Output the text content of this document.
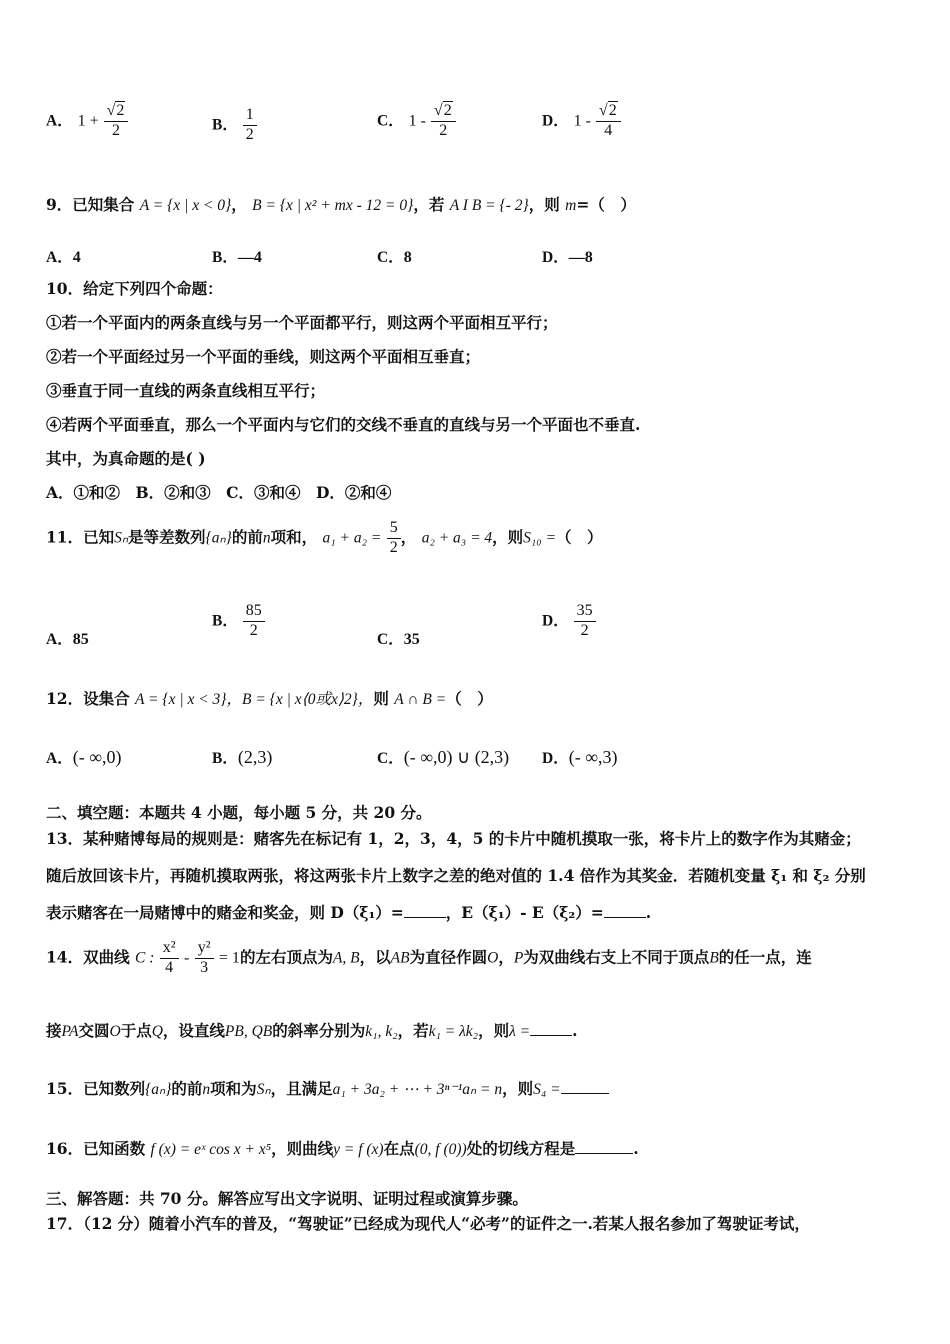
A． $1 + \frac{√2}{2}$	B． $\frac{1}{2}$	C． $1 - \frac{√2}{2}$	D． $1 - \frac{√2}{4}$
9．已知集合 A = {x | x < 0}， B = {x | x² + mx - 12 = 0}，若 A I B = {- 2}，则 m=（　）
A．4	B．—4	C．8	D．—8
10．给定下列四个命题：
①若一个平面内的两条直线与另一个平面都平行，则这两个平面相互平行；
②若一个平面经过另一个平面的垂线，则这两个平面相互垂直；
③垂直于同一直线的两条直线相互平行；
④若两个平面垂直，那么一个平面内与它们的交线不垂直的直线与另一个平面也不垂直.
其中，为真命题的是( )
A．①和②　B．②和③　C．③和④　D．②和④
11．已知Sₙ是等差数列{aₙ}的前n项和， $a_1 + a_2 = \frac{5}{2}$ ， a₂ + a₃ = 4，则S₁₀ =（　）
A．85
B． $\frac{85}{2}$	C．35
D． $\frac{35}{2}$
12．设集合 A = {x | x < 3}，B = {x | x⟨0或x⟩2}，则 A ∩ B =（　）
A．(- ∞,0)	B．(2,3)	C．(- ∞,0) ∪ (2,3) D．(- ∞,3)
二、填空题：本题共 4 小题，每小题 5 分，共 20 分。
13．某种赌博每局的规则是：赌客先在标记有 1，2，3，4，5 的卡片中随机摸取一张，将卡片上的数字作为其赌金；
随后放回该卡片，再随机摸取两张，将这两张卡片上数字之差的绝对值的 1.4 倍作为其奖金．若随机变量 ξ₁ 和 ξ₂ 分别
表示赌客在一局赌博中的赌金和奖金，则 D（ξ₁）=	，E（ξ₁）- E（ξ₂）=	.
14．双曲线 C : $\frac{\text{x²}}{4} - \frac{\text{y²}}{3} = 1$的左右顶点为A, B，以AB为直径作圆O，P为双曲线右支上不同于顶点B的任一点，连
接PA交圆O于点Q，设直线PB, QB的斜率分别为k₁, k₂，若k₁ = λk₂，则λ =	.
15．已知数列{aₙ}的前n项和为Sₙ，且满足a₁ + 3a₂ + ⋯ + 3ⁿ⁻¹aₙ = n，则S₄ =
16．已知函数 f (x) = eˣ cos x + x⁵，则曲线y = f (x)在点(0, f (0))处的切线方程是	.
三、解答题：共 70 分。解答应写出文字说明、证明过程或演算步骤。
17．（12 分）随着小汽车的普及，“驾驶证”已经成为现代人“必考”的证件之一.若某人报名参加了驾驶证考试，
